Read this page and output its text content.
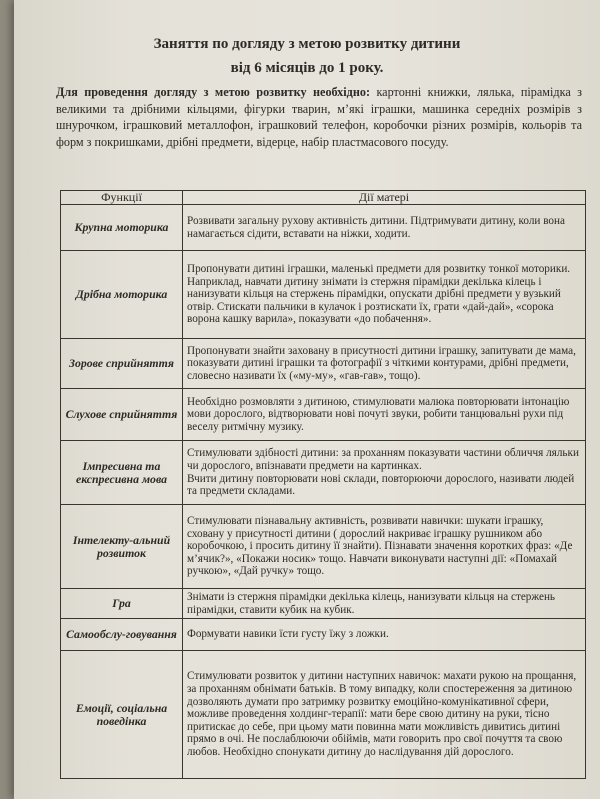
Заняття по догляду з метою розвитку дитини
від 6 місяців до 1 року.

Для проведення догляду з метою розвитку необхідно: картонні книжки, лялька, пірамідка з великими та дрібними кільцями, фігурки тварин, м’які іграшки, машинка середніх розмірів з шнурочком, іграшковий металлофон, іграшковий телефон, коробочки різних розмірів, кольорів та форм з покришками, дрібні предмети, відерце, набір пластмасового посуду.

Функції	Дії матері
Крупна моторика	Розвивати загальну рухову активність дитини. Підтримувати дитину, коли вона намагається сідити, вставати на ніжки, ходити.
Дрібна моторика	Пропонувати дитині іграшки, маленькі предмети для розвитку тонкої моторики. Наприклад, навчати дитину знімати із стержня пірамідки декілька кілець і нанизувати кільця на стержень пірамідки, опускати дрібні предмети у вузький отвір. Стискати пальчики в кулачок і розтискати їх, грати «дай-дай», «сорока ворона кашку варила», показувати «до побачення».
Зорове сприйняття	Пропонувати знайти заховану в присутності дитини іграшку, запитувати де мама, показувати дитині іграшки та фотографії з чіткими контурами, дрібні предмети, словесно називати їх («му-му», «гав-гав», тощо).
Слухове сприйняття	Необхідно розмовляти з дитиною, стимулювати малюка повторювати інтонацію мови дорослого, відтворювати нові почуті звуки, робити танцювальні рухи під веселу ритмічну музику.
Імпресивна та експресивна мова	Стимулювати здібності дитини: за проханням показувати частини обличчя ляльки чи дорослого, впізнавати предмети на картинках.
Вчити дитину повторювати нові склади, повторюючи дорослого, називати людей та предмети складами.
Інтелекту-альний розвиток	Стимулювати пізнавальну активність, розвивати навички: шукати іграшку, сховану у присутності дитини ( дорослий накриває іграшку рушником або коробочкою, і просить дитину її знайти). Пізнавати значення коротких фраз: «Де м’ячик?», «Покажи носик» тощо. Навчати виконувати наступні дії: «Помахай ручкою», «Дай ручку» тощо.
Гра	Знімати із стержня пірамідки декілька кілець, нанизувати кільця на стержень пірамідки, ставити кубик на кубик.
Самообслу-говування	Формувати навики їсти густу їжу з ложки.
Емоції, соціальна поведінка	Стимулювати розвиток у дитини наступних навичок: махати рукою на прощання, за проханням обнімати батьків. В тому випадку, коли спостереження за дитиною дозволяють думати про затримку розвитку емоційно-комунікативної сфери, можливе проведення холдинг-терапії: мати бере свою дитину на руки, тісно притискає до себе, при цьому мати повинна мати можливість дивитись дитині прямо в очі. Не послаблюючи обіймів, мати говорить про свої почуття та свою любов. Необхідно спонукати дитину до наслідування дій дорослого.
